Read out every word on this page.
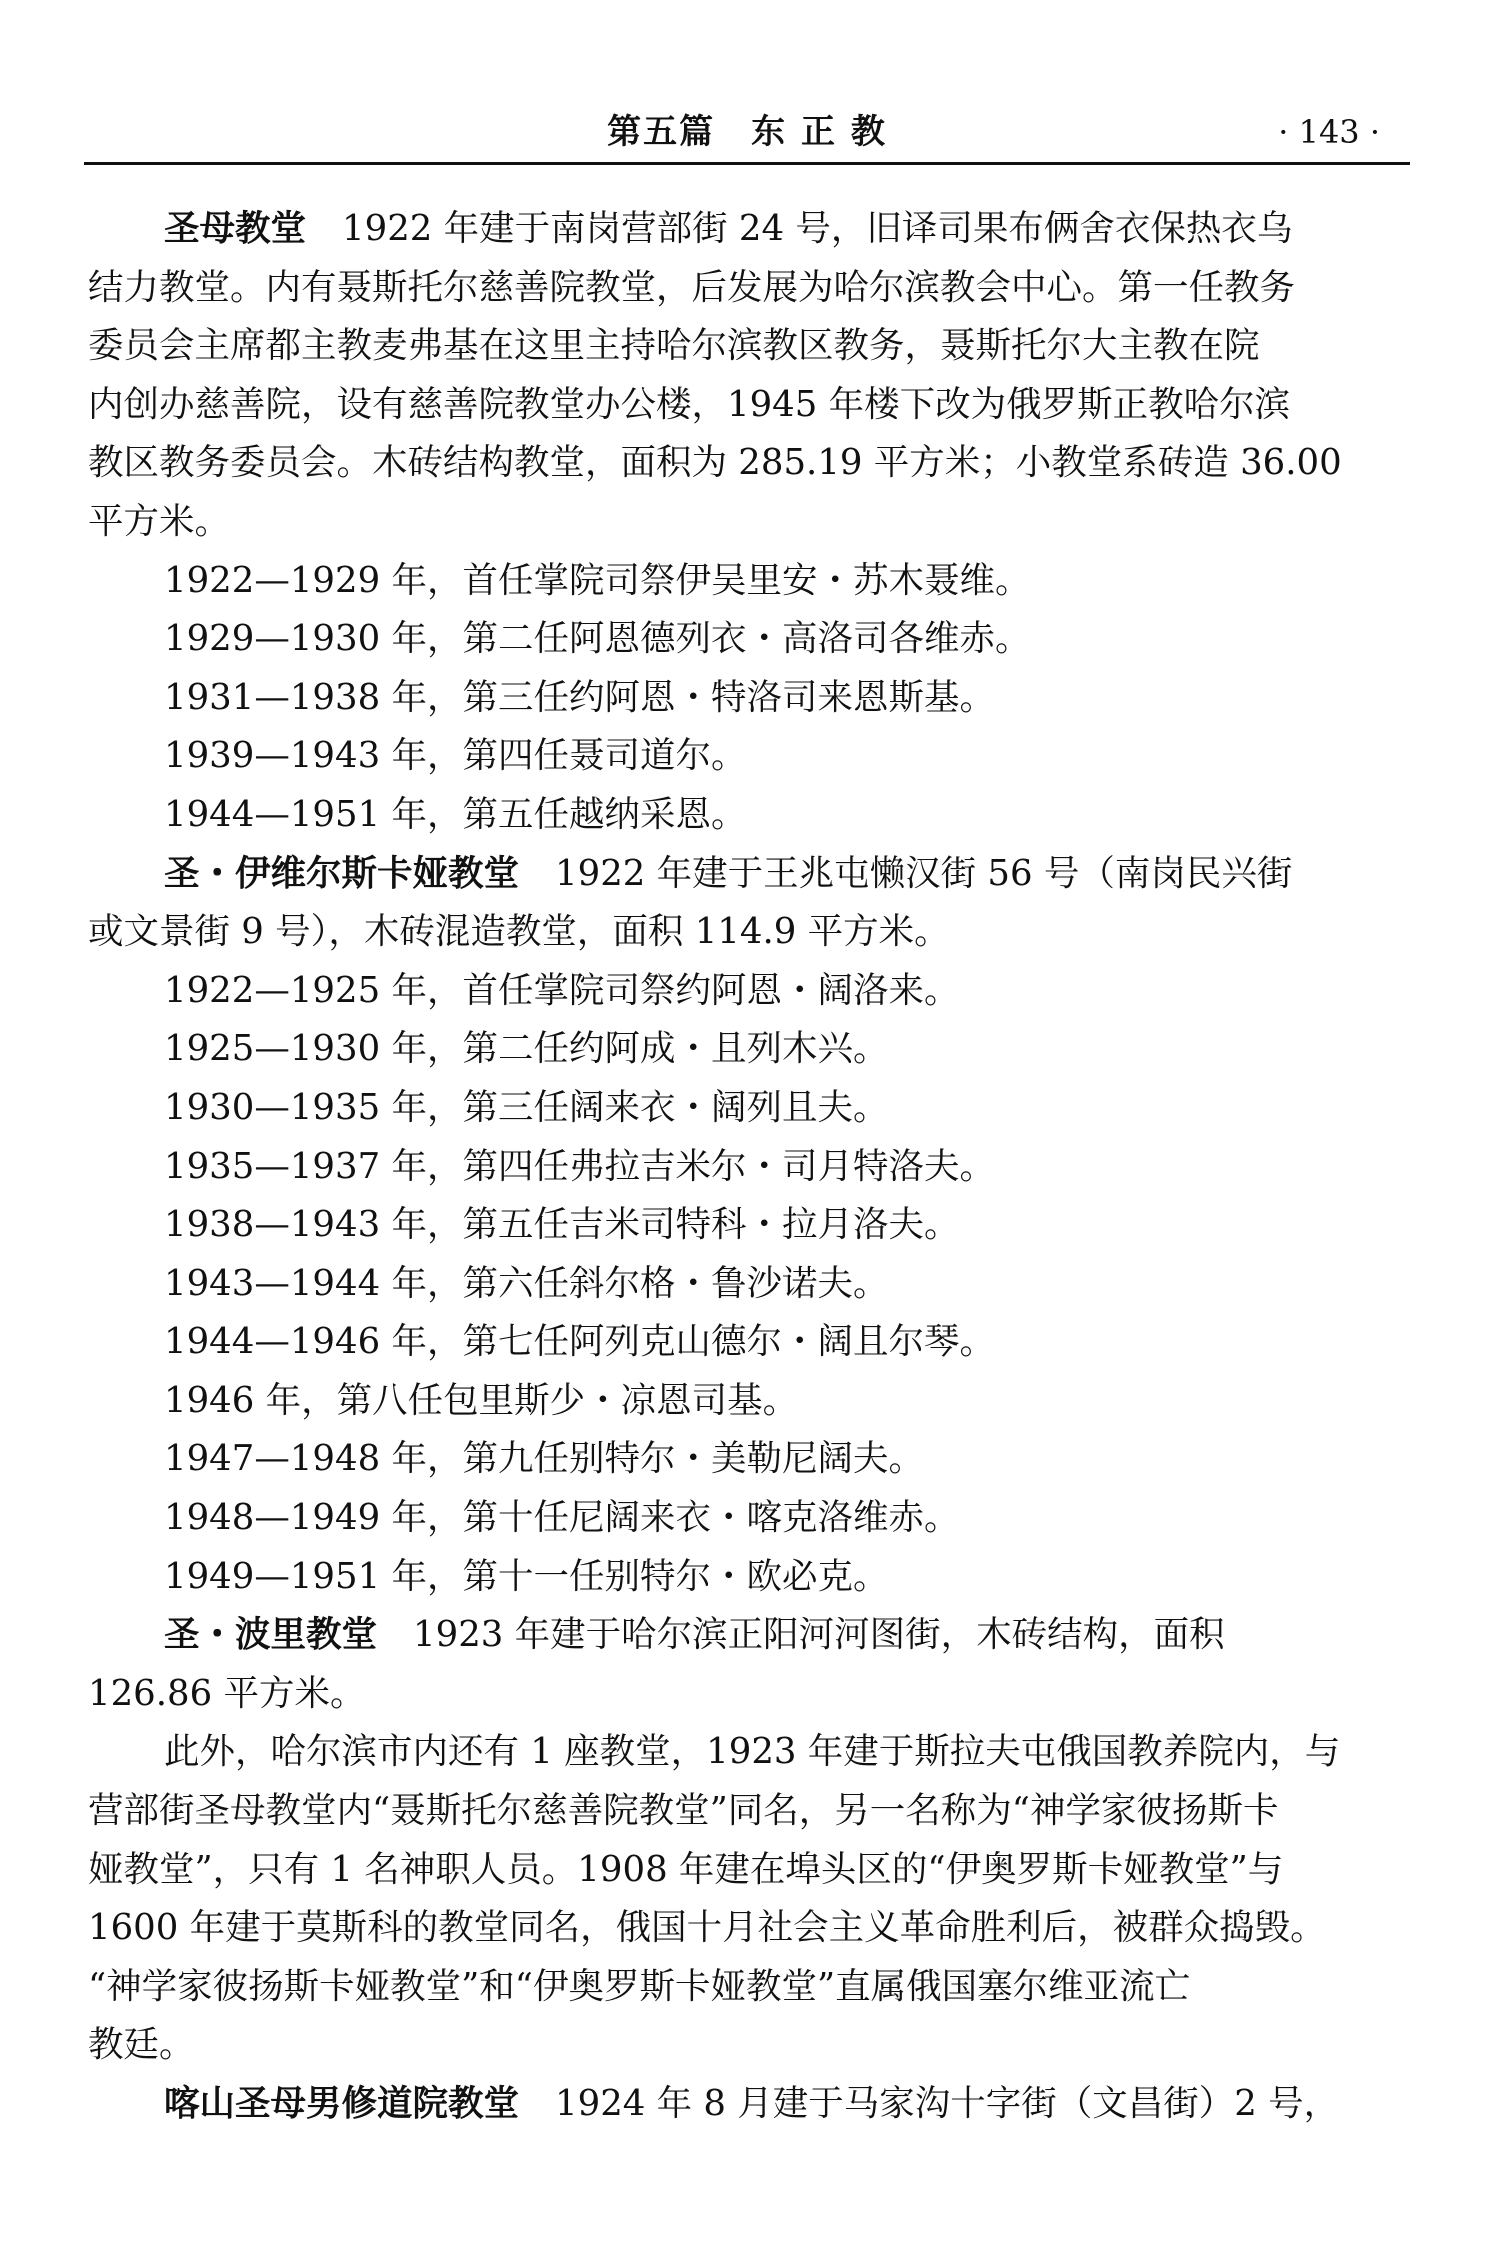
第五篇　东 正 教	· 143 ·
圣母教堂 1922 年建于南岗营部街 24 号，旧译司果布俩舍衣保热衣乌
结力教堂。内有聂斯托尔慈善院教堂，后发展为哈尔滨教会中心。第一任教务
委员会主席都主教麦弗基在这里主持哈尔滨教区教务，聂斯托尔大主教在院
内创办慈善院，设有慈善院教堂办公楼，1945 年楼下改为俄罗斯正教哈尔滨
教区教务委员会。木砖结构教堂，面积为 285.19 平方米；小教堂系砖造 36.00
平方米。
1922—1929 年，首任掌院司祭伊吴里安・苏木聂维。
1929—1930 年，第二任阿恩德列衣・高洛司各维赤。
1931—1938 年，第三任约阿恩・特洛司来恩斯基。
1939—1943 年，第四任聂司道尔。
1944—1951 年，第五任越纳采恩。
圣・伊维尔斯卡娅教堂 1922 年建于王兆屯懒汉街 56 号（南岗民兴街
或文景街 9 号），木砖混造教堂，面积 114.9 平方米。
1922—1925 年，首任掌院司祭约阿恩・阔洛来。
1925—1930 年，第二任约阿成・且列木兴。
1930—1935 年，第三任阔来衣・阔列且夫。
1935—1937 年，第四任弗拉吉米尔・司月特洛夫。
1938—1943 年，第五任吉米司特科・拉月洛夫。
1943—1944 年，第六任斜尔格・鲁沙诺夫。
1944—1946 年，第七任阿列克山德尔・阔且尔琴。
1946 年，第八任包里斯少・凉恩司基。
1947—1948 年，第九任别特尔・美勒尼阔夫。
1948—1949 年，第十任尼阔来衣・喀克洛维赤。
1949—1951 年，第十一任别特尔・欧必克。
圣・波里教堂 1923 年建于哈尔滨正阳河河图街，木砖结构，面积
126.86 平方米。
此外，哈尔滨市内还有 1 座教堂，1923 年建于斯拉夫屯俄国教养院内，与
营部街圣母教堂内“聂斯托尔慈善院教堂”同名，另一名称为“神学家彼扬斯卡
娅教堂”，只有 1 名神职人员。1908 年建在埠头区的“伊奥罗斯卡娅教堂”与
1600 年建于莫斯科的教堂同名，俄国十月社会主义革命胜利后，被群众捣毁。
“神学家彼扬斯卡娅教堂”和“伊奥罗斯卡娅教堂”直属俄国塞尔维亚流亡
教廷。
喀山圣母男修道院教堂 1924 年 8 月建于马家沟十字街（文昌街）2 号，
